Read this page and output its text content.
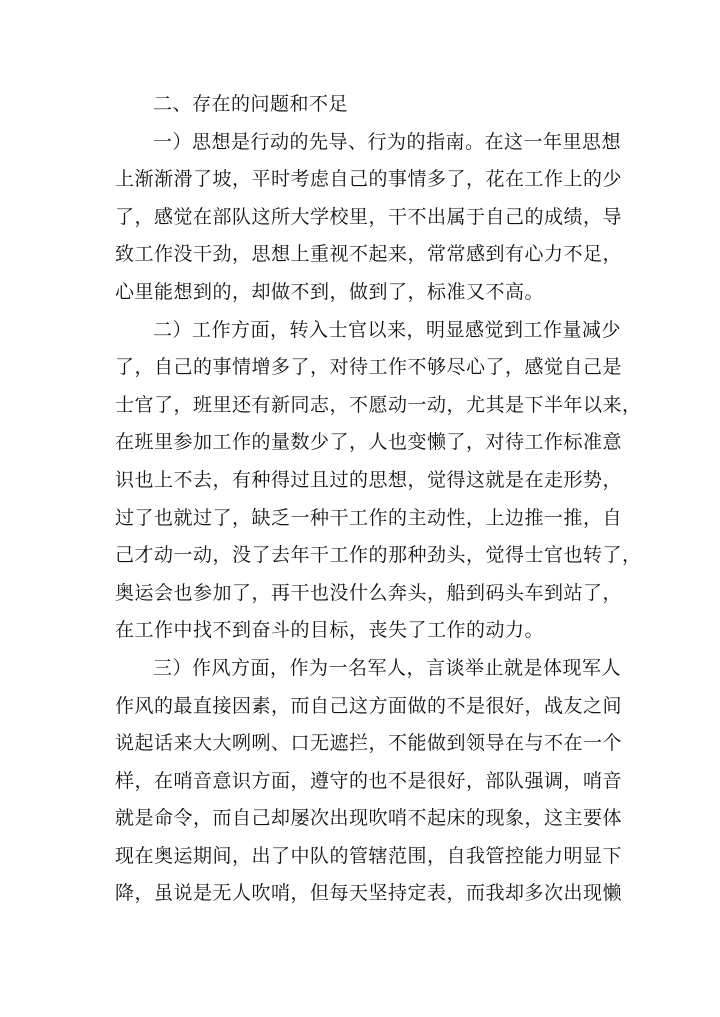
二、存在的问题和不足
一）思想是行动的先导、行为的指南。在这一年里思想
上渐渐滑了坡，平时考虑自己的事情多了，花在工作上的少
了，感觉在部队这所大学校里，干不出属于自己的成绩，导
致工作没干劲，思想上重视不起来，常常感到有心力不足，
心里能想到的，却做不到，做到了，标准又不高。
二）工作方面，转入士官以来，明显感觉到工作量减少
了，自己的事情增多了，对待工作不够尽心了，感觉自己是
士官了，班里还有新同志，不愿动一动，尤其是下半年以来，
在班里参加工作的量数少了，人也变懒了，对待工作标准意
识也上不去，有种得过且过的思想，觉得这就是在走形势，
过了也就过了，缺乏一种干工作的主动性，上边推一推，自
己才动一动，没了去年干工作的那种劲头，觉得士官也转了，
奥运会也参加了，再干也没什么奔头，船到码头车到站了，
在工作中找不到奋斗的目标，丧失了工作的动力。
三）作风方面，作为一名军人，言谈举止就是体现军人
作风的最直接因素，而自己这方面做的不是很好，战友之间
说起话来大大咧咧、口无遮拦，不能做到领导在与不在一个
样，在哨音意识方面，遵守的也不是很好，部队强调，哨音
就是命令，而自己却屡次出现吹哨不起床的现象，这主要体
现在奥运期间，出了中队的管辖范围，自我管控能力明显下
降，虽说是无人吹哨，但每天坚持定表，而我却多次出现懒
